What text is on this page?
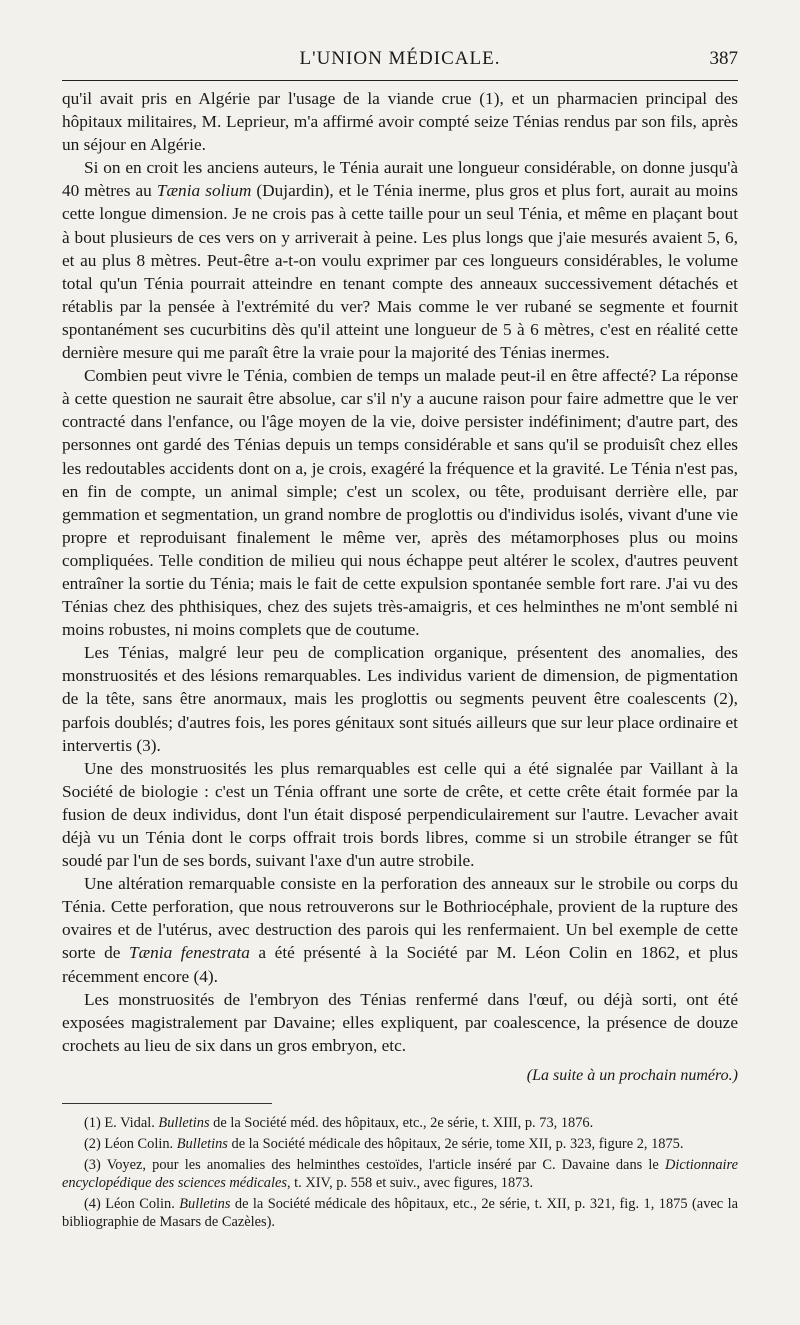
L'UNION MÉDICALE.	387

qu'il avait pris en Algérie par l'usage de la viande crue (1), et un pharmacien principal des hôpitaux militaires, M. Leprieur, m'a affirmé avoir compté seize Ténias rendus par son fils, après un séjour en Algérie.

Si on en croit les anciens auteurs, le Ténia aurait une longueur considérable, on donne jusqu'à 40 mètres au Tænia solium (Dujardin), et le Ténia inerme, plus gros et plus fort, aurait au moins cette longue dimension. Je ne crois pas à cette taille pour un seul Ténia, et même en plaçant bout à bout plusieurs de ces vers on y arriverait à peine. Les plus longs que j'aie mesurés avaient 5, 6, et au plus 8 mètres. Peut-être a-t-on voulu exprimer par ces longueurs considérables, le volume total qu'un Ténia pourrait atteindre en tenant compte des anneaux successivement détachés et rétablis par la pensée à l'extrémité du ver? Mais comme le ver rubané se segmente et fournit spontanément ses cucurbitins dès qu'il atteint une longueur de 5 à 6 mètres, c'est en réalité cette dernière mesure qui me paraît être la vraie pour la majorité des Ténias inermes.

Combien peut vivre le Ténia, combien de temps un malade peut-il en être affecté? La réponse à cette question ne saurait être absolue, car s'il n'y a aucune raison pour faire admettre que le ver contracté dans l'enfance, ou l'âge moyen de la vie, doive persister indéfiniment; d'autre part, des personnes ont gardé des Ténias depuis un temps considérable et sans qu'il se produisît chez elles les redoutables accidents dont on a, je crois, exagéré la fréquence et la gravité. Le Ténia n'est pas, en fin de compte, un animal simple; c'est un scolex, ou tête, produisant derrière elle, par gemmation et segmentation, un grand nombre de proglottis ou d'individus isolés, vivant d'une vie propre et reproduisant finalement le même ver, après des métamorphoses plus ou moins compliquées. Telle condition de milieu qui nous échappe peut altérer le scolex, d'autres peuvent entraîner la sortie du Ténia; mais le fait de cette expulsion spontanée semble fort rare. J'ai vu des Ténias chez des phthisiques, chez des sujets très-amaigris, et ces helminthes ne m'ont semblé ni moins robustes, ni moins complets que de coutume.

Les Ténias, malgré leur peu de complication organique, présentent des anomalies, des monstruosités et des lésions remarquables. Les individus varient de dimension, de pigmentation de la tête, sans être anormaux, mais les proglottis ou segments peuvent être coalescents (2), parfois doublés; d'autres fois, les pores génitaux sont situés ailleurs que sur leur place ordinaire et intervertis (3).

Une des monstruosités les plus remarquables est celle qui a été signalée par Vaillant à la Société de biologie : c'est un Ténia offrant une sorte de crête, et cette crête était formée par la fusion de deux individus, dont l'un était disposé perpendiculairement sur l'autre. Levacher avait déjà vu un Ténia dont le corps offrait trois bords libres, comme si un strobile étranger se fût soudé par l'un de ses bords, suivant l'axe d'un autre strobile.

Une altération remarquable consiste en la perforation des anneaux sur le strobile ou corps du Ténia. Cette perforation, que nous retrouverons sur le Bothriocéphale, provient de la rupture des ovaires et de l'utérus, avec destruction des parois qui les renfermaient. Un bel exemple de cette sorte de Tænia fenestrata a été présenté à la Société par M. Léon Colin en 1862, et plus récemment encore (4).

Les monstruosités de l'embryon des Ténias renfermé dans l'œuf, ou déjà sorti, ont été exposées magistralement par Davaine; elles expliquent, par coalescence, la présence de douze crochets au lieu de six dans un gros embryon, etc.

(La suite à un prochain numéro.)

(1) E. Vidal. Bulletins de la Société méd. des hôpitaux, etc., 2e série, t. XIII, p. 73, 1876.

(2) Léon Colin. Bulletins de la Société médicale des hôpitaux, 2e série, tome XII, p. 323, figure 2, 1875.

(3) Voyez, pour les anomalies des helminthes cestoïdes, l'article inséré par C. Davaine dans le Dictionnaire encyclopédique des sciences médicales, t. XIV, p. 558 et suiv., avec figures, 1873.

(4) Léon Colin. Bulletins de la Société médicale des hôpitaux, etc., 2e série, t. XII, p. 321, fig. 1, 1875 (avec la bibliographie de Masars de Cazèles).
